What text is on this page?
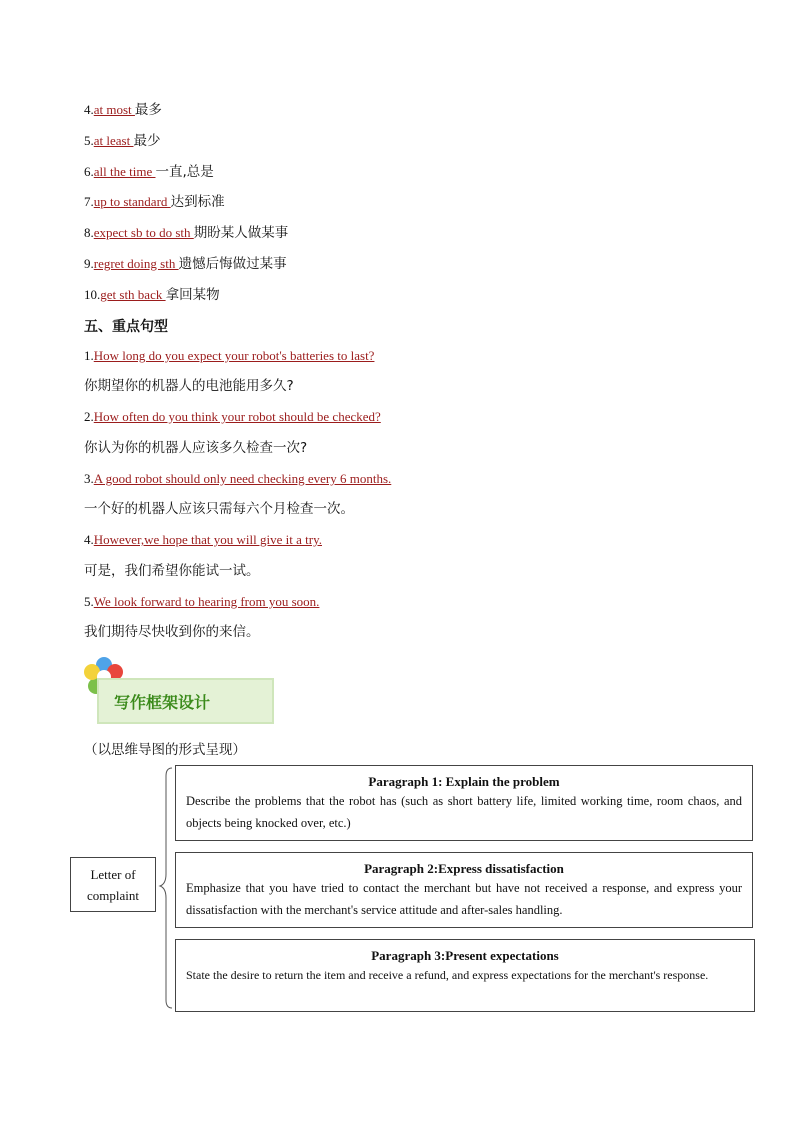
4.at most 最多
5.at least 最少
6.all the time 一直,总是
7.up to standard 达到标准
8.expect sb to do sth 期盼某人做某事
9.regret doing sth 遗憾后悔做过某事
10.get sth back 拿回某物
五、重点句型
1.How long do you expect your robot's batteries to last?
你期望你的机器人的电池能用多久?
2.How often do you think your robot should be checked?
你认为你的机器人应该多久检查一次?
3.A good robot should only need checking every 6 months.
一个好的机器人应该只需每六个月检查一次。
4.However,we hope that you will give it a try.
可是，我们希望你能试一试。
5.We look forward to hearing from you soon.
我们期待尽快收到你的来信。
写作框架设计
（以思维导图的形式呈现）
Letter of complaint
Paragraph 1: Explain the problem
Describe the problems that the robot has (such as short battery life, limited working time, room chaos, and objects being knocked over, etc.)
Paragraph 2:Express dissatisfaction
Emphasize that you have tried to contact the merchant but have not received a response, and express your dissatisfaction with the merchant's service attitude and after-sales handling.
Paragraph 3:Present expectations
State the desire to return the item and receive a refund, and express expectations for the merchant's response.
